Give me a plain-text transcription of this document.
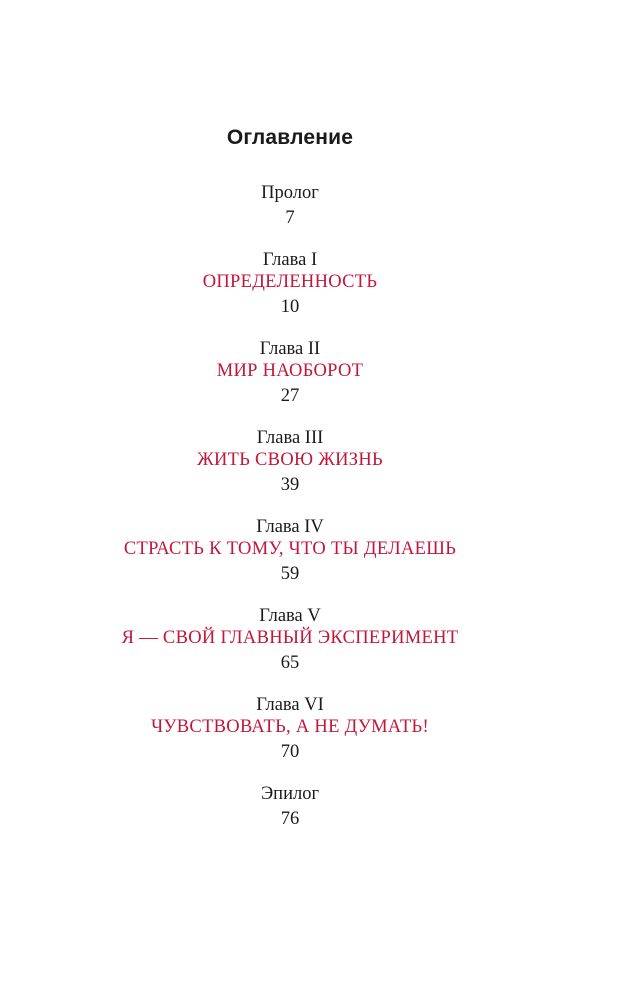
Оглавление
Пролог
7
Глава I
ОПРЕДЕЛЕННОСТЬ
10
Глава II
МИР НАОБОРОТ
27
Глава III
ЖИТЬ СВОЮ ЖИЗНЬ
39
Глава IV
СТРАСТЬ К ТОМУ, ЧТО ТЫ ДЕЛАЕШЬ
59
Глава V
Я — СВОЙ ГЛАВНЫЙ ЭКСПЕРИМЕНТ
65
Глава VI
ЧУВСТВОВАТЬ, А НЕ ДУМАТЬ!
70
Эпилог
76
